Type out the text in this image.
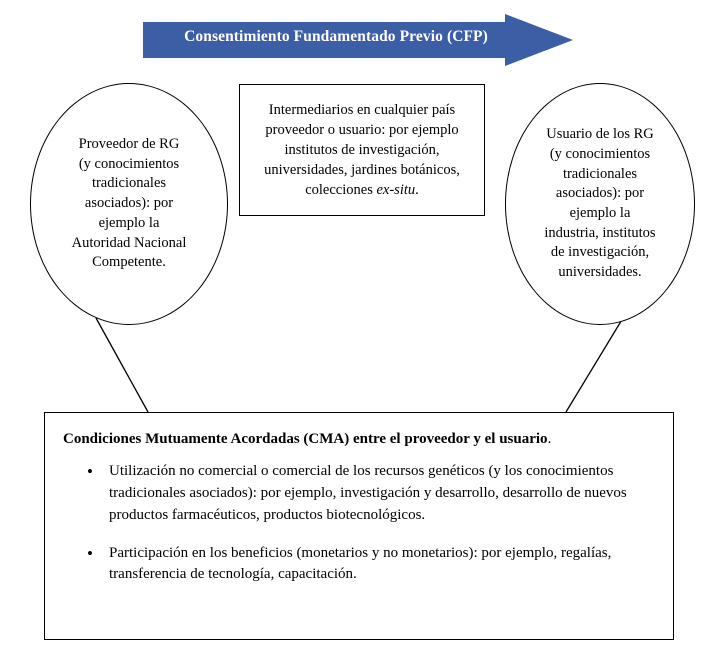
Consentimiento Fundamentado Previo (CFP)
Proveedor de RG
(y conocimientos
tradicionales
asociados): por
ejemplo la
Autoridad Nacional
Competente.
Intermediarios en cualquier país proveedor o usuario: por ejemplo institutos de investigación, universidades, jardines botánicos, colecciones ex-situ.
Usuario de los RG
(y conocimientos
tradicionales
asociados): por
ejemplo la
industria, institutos
de investigación,
universidades.
Condiciones Mutuamente Acordadas (CMA) entre el proveedor y el usuario.
• Utilización no comercial o comercial de los recursos genéticos (y los conocimientos tradicionales asociados): por ejemplo, investigación y desarrollo, desarrollo de nuevos productos farmacéuticos, productos biotecnológicos.
• Participación en los beneficios (monetarios y no monetarios): por ejemplo, regalías, transferencia de tecnología, capacitación.
